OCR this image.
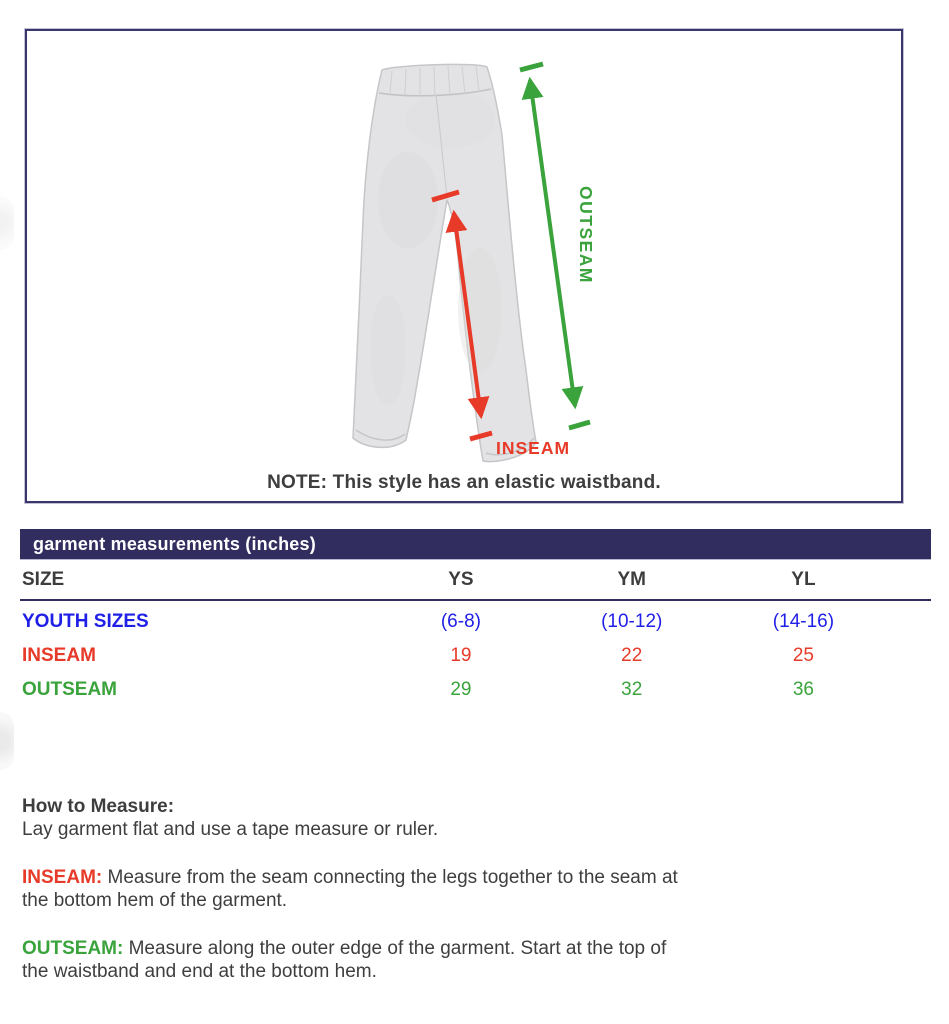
OUTSEAM
INSEAM
NOTE: This style has an elastic waistband.
garment measurements (inches)
SIZE	YS	YM	YL
YOUTH SIZES	(6-8)	(10-12)	(14-16)
INSEAM	19	22	25
OUTSEAM	29	32	36
How to Measure:

Lay garment flat and use a tape measure or ruler.

INSEAM: Measure from the seam connecting the legs together to the seam at the bottom hem of the garment.

OUTSEAM: Measure along the outer edge of the garment. Start at the top of the waistband and end at the bottom hem.
